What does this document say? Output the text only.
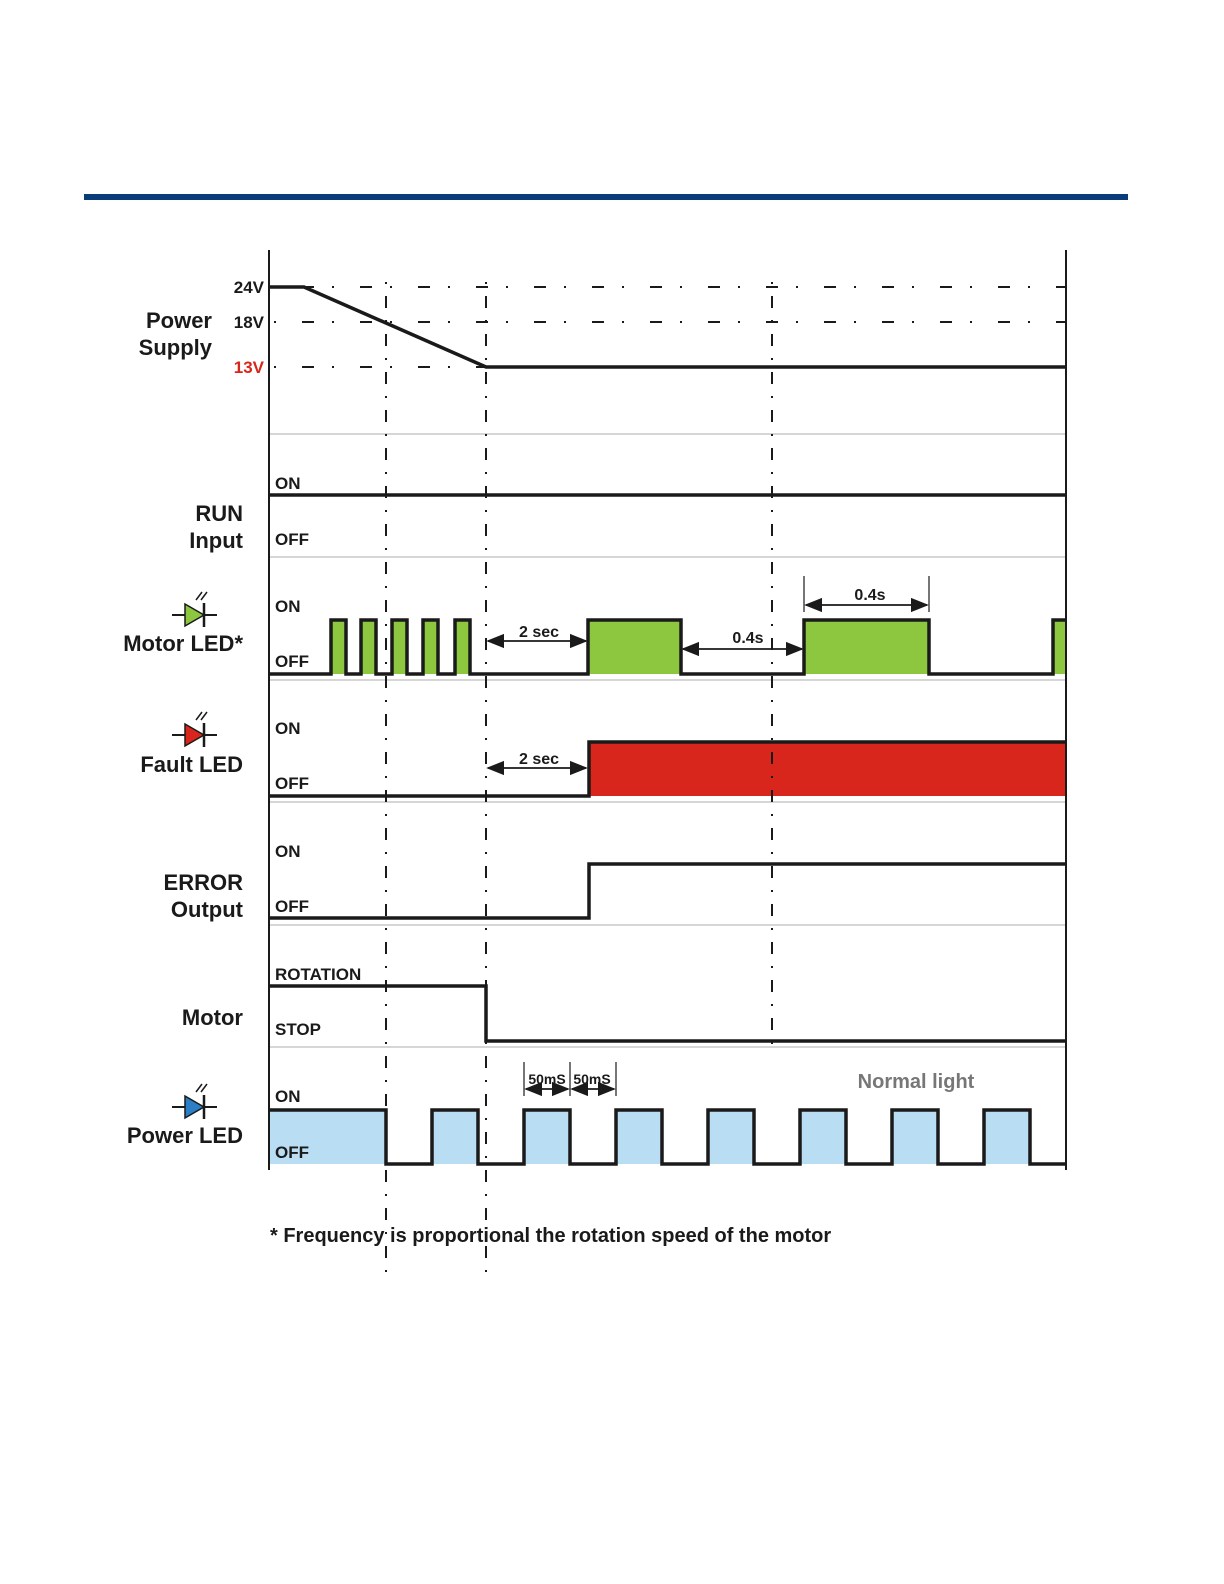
Power
Supply
24V
18V
13V
RUN
Input
ON
OFF
Motor LED*
ON
OFF
2 sec	0.4s
0.4s
Fault LED
ON
OFF
2 sec
ERROR
Output
ON
OFF
Motor
ROTATION
STOP
Power LED
ON
OFF
50mS 50mS	Normal light
* Frequency is proportional the rotation speed of the motor
